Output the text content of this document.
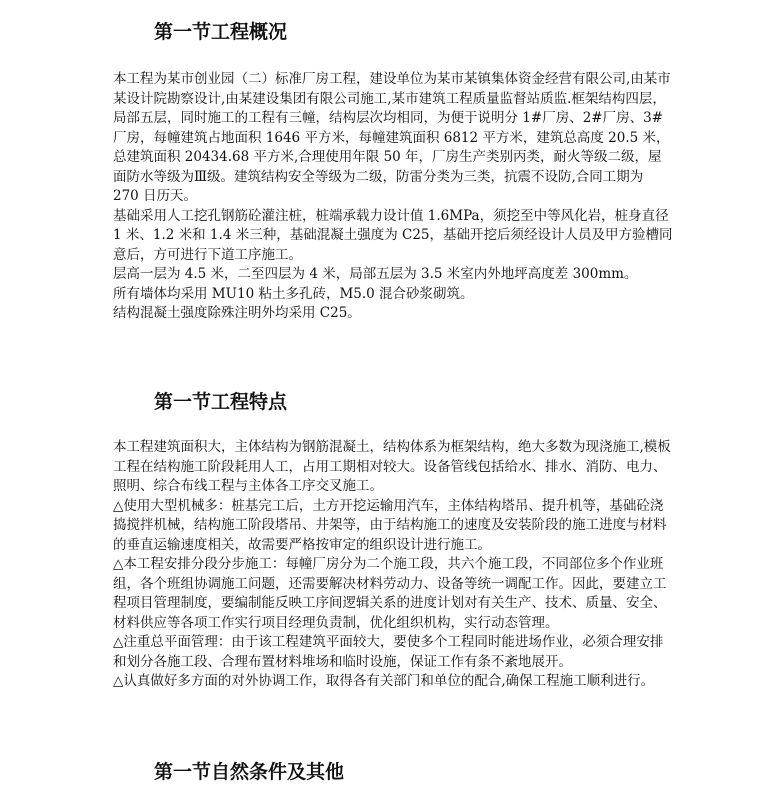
第一节工程概况

本工程为某市创业园（二）标准厂房工程，建设单位为某市某镇集体资金经营有限公司,由某市某设计院勘察设计,由某建设集团有限公司施工,某市建筑工程质量监督站质监.框架结构四层，局部五层，同时施工的工程有三幢，结构层次均相同，为便于说明分 1#厂房、2#厂房、3#厂房，每幢建筑占地面积 1646 平方米，每幢建筑面积 6812 平方米，建筑总高度 20.5 米，总建筑面积 20434.68 平方米,合理使用年限 50 年，厂房生产类别丙类，耐火等级二级，屋面防水等级为Ⅲ级。建筑结构安全等级为二级，防雷分类为三类，抗震不设防,合同工期为 270 日历天。

基础采用人工挖孔钢筋砼灌注桩，桩端承载力设计值 1.6MPa，须挖至中等风化岩，桩身直径 1 米、1.2 米和 1.4 米三种，基础混凝土强度为 C25，基础开挖后须经设计人员及甲方验槽同意后，方可进行下道工序施工。

层高一层为 4.5 米，二至四层为 4 米，局部五层为 3.5 米室内外地坪高度差 300mm。

所有墙体均采用 MU10 粘土多孔砖，M5.0 混合砂浆砌筑。

结构混凝土强度除殊注明外均采用 C25。

第一节工程特点

本工程建筑面积大，主体结构为钢筋混凝土，结构体系为框架结构，绝大多数为现浇施工,模板工程在结构施工阶段耗用人工，占用工期相对较大。设备管线包括给水、排水、消防、电力、照明、综合布线工程与主体各工序交叉施工。

△使用大型机械多：桩基完工后，土方开挖运输用汽车，主体结构塔吊、提升机等，基础砼浇捣搅拌机械，结构施工阶段塔吊、井架等，由于结构施工的速度及安装阶段的施工进度与材料的垂直运输速度相关，故需要严格按审定的组织设计进行施工。

△本工程安排分段分步施工：每幢厂房分为二个施工段，共六个施工段，不同部位多个作业班组，各个班组协调施工问题，还需要解决材料劳动力、设备等统一调配工作。因此，要建立工程项目管理制度，要编制能反映工序间逻辑关系的进度计划对有关生产、技术、质量、安全、材料供应等各项工作实行项目经理负责制，优化组织机构，实行动态管理。

△注重总平面管理：由于该工程建筑平面较大，要使多个工程同时能进场作业，必须合理安排和划分各施工段、合理布置材料堆场和临时设施，保证工作有条不紊地展开。

△认真做好多方面的对外协调工作，取得各有关部门和单位的配合,确保工程施工顺利进行。

第一节自然条件及其他
